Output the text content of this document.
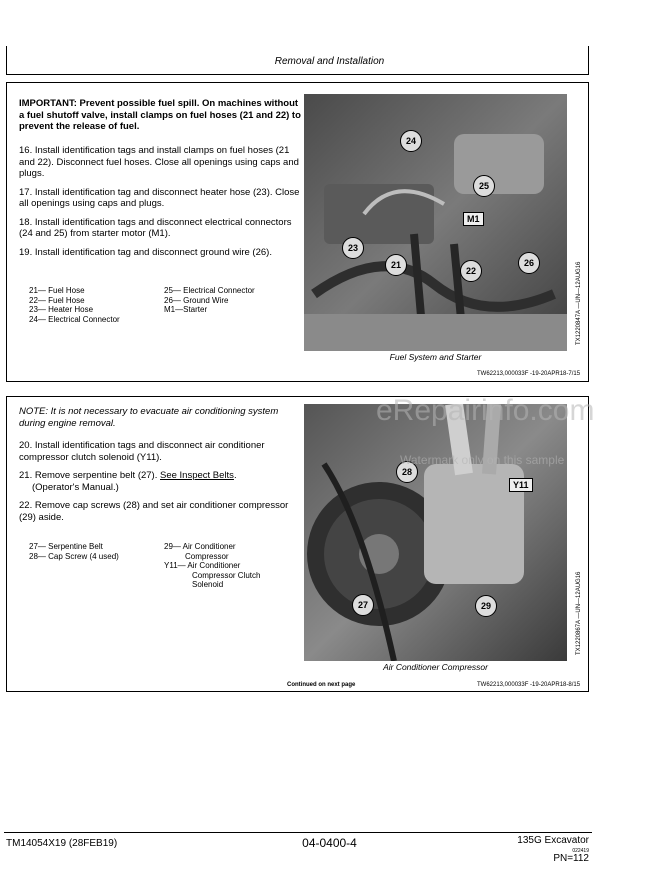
Removal and Installation
IMPORTANT: Prevent possible fuel spill. On machines without a fuel shutoff valve, install clamps on fuel hoses (21 and 22) to prevent the release of fuel.

16. Install identification tags and install clamps on fuel hoses (21 and 22). Disconnect fuel hoses. Close all openings using caps and plugs.

17. Install identification tag and disconnect heater hose (23). Close all openings using caps and plugs.

18. Install identification tags and disconnect electrical connectors (24 and 25) from starter motor (M1).

19. Install identification tag and disconnect ground wire (26).

21— Fuel Hose
22— Fuel Hose
23— Heater Hose
24— Electrical Connector
25— Electrical Connector
26— Ground Wire
M1—Starter
24
25
M1
23
21
22
26	TX1220847A —UN—12AUG16
Fuel System and Starter
TW62213,000033F -19-20APR18-7/15
NOTE: It is not necessary to evacuate air conditioning system during engine removal.

20. Install identification tags and disconnect air conditioner compressor clutch solenoid (Y11).

21. Remove serpentine belt (27). See Inspect Belts.

(Operator's Manual.)

22. Remove cap screws (28) and set air conditioner compressor (29) aside.

27— Serpentine Belt
28— Cap Screw (4 used)
29— Air Conditioner
Compressor
Y11— Air Conditioner
Compressor Clutch
Solenoid
28
Y11
27	29	TX1220867A —UN—12AUG16
Air Conditioner Compressor
Continued on next page	TW62213,000033F -19-20APR18-8/15
eRepairinfo.com
Watermark only on this sample
TM14054X19 (28FEB19)	04-0400-4	135G Excavator
022419
PN=112
